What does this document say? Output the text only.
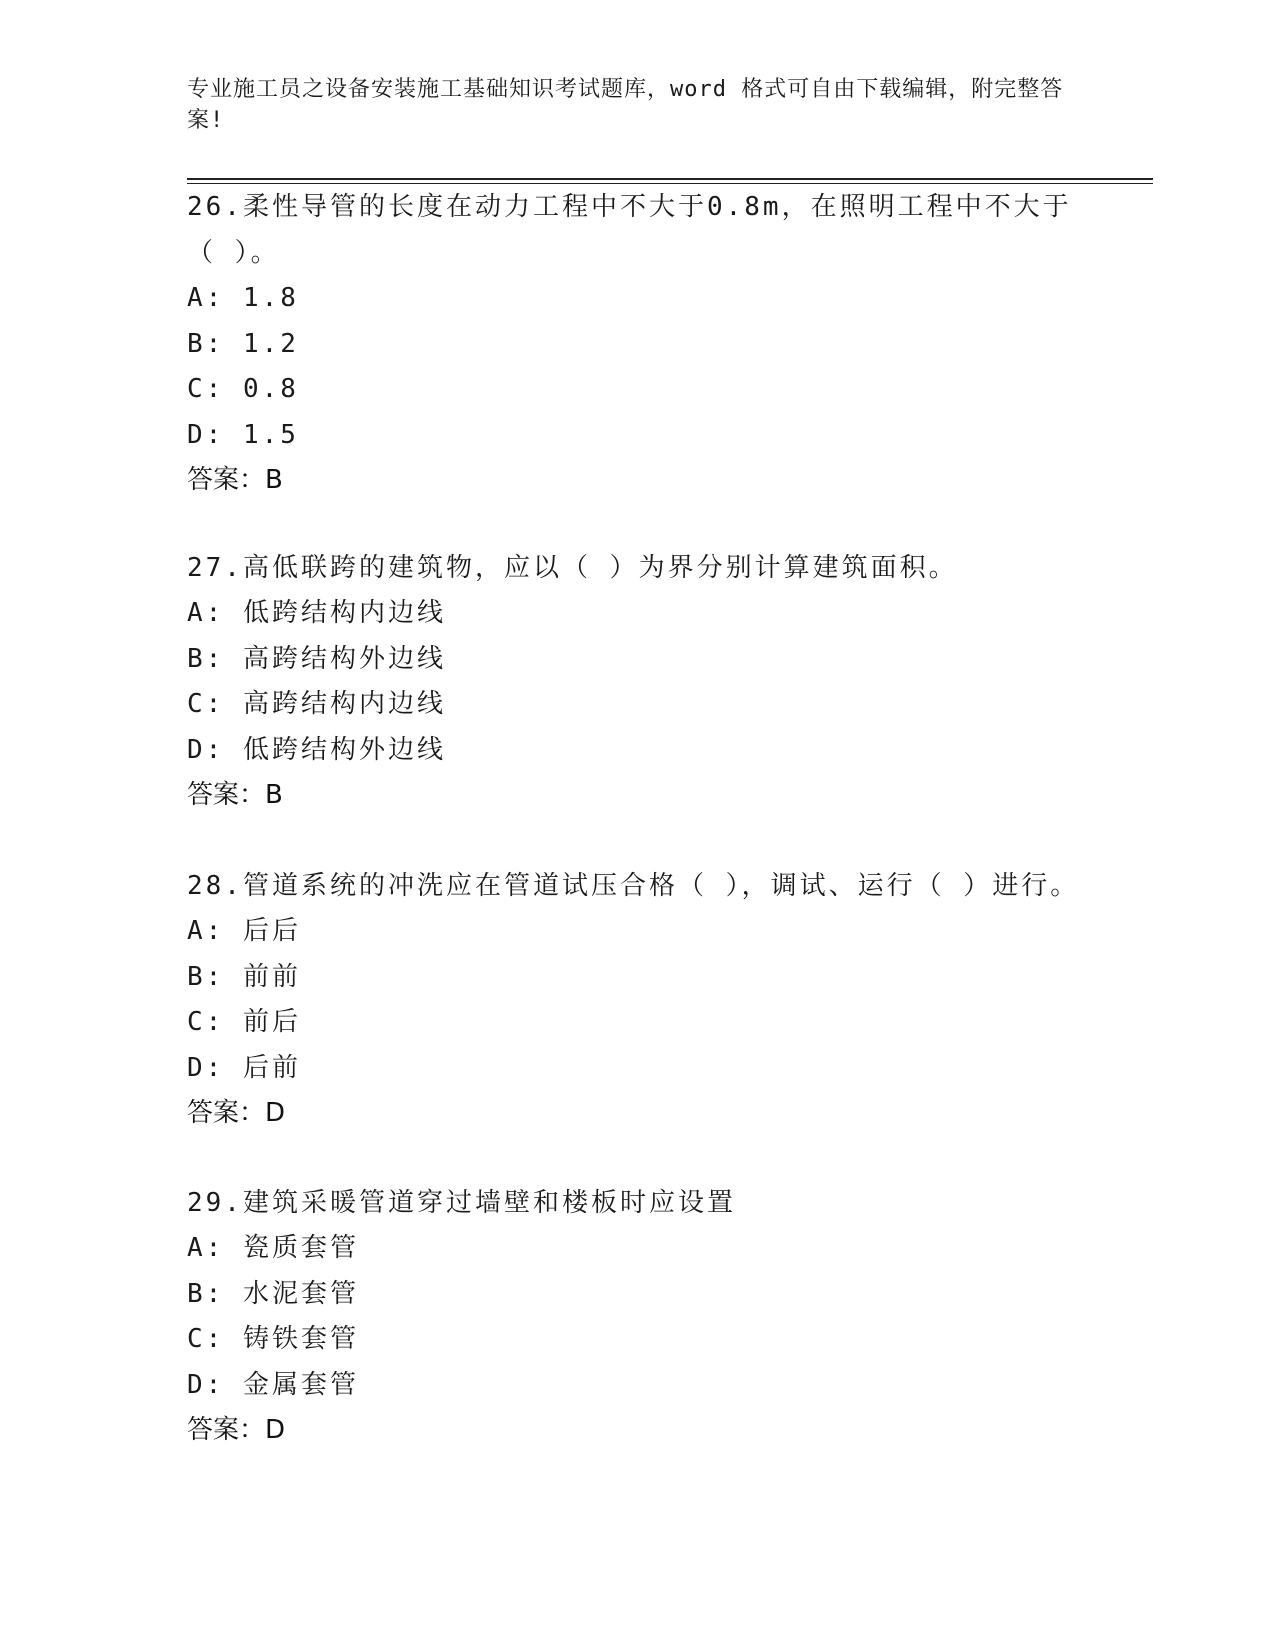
专业施工员之设备安装施工基础知识考试题库，word 格式可自由下载编辑，附完整答案!

26.柔性导管的长度在动力工程中不大于0.8m，在照明工程中不大于（ ）。

A: 1.8

B: 1.2

C: 0.8

D: 1.5

答案：B

27.高低联跨的建筑物，应以（ ）为界分别计算建筑面积。

A: 低跨结构内边线

B: 高跨结构外边线

C: 高跨结构内边线

D: 低跨结构外边线

答案：B

28.管道系统的冲洗应在管道试压合格（ ），调试、运行（ ）进行。

A: 后后

B: 前前

C: 前后

D: 后前

答案：D

29.建筑采暖管道穿过墙壁和楼板时应设置

A: 瓷质套管

B: 水泥套管

C: 铸铁套管

D: 金属套管

答案：D
